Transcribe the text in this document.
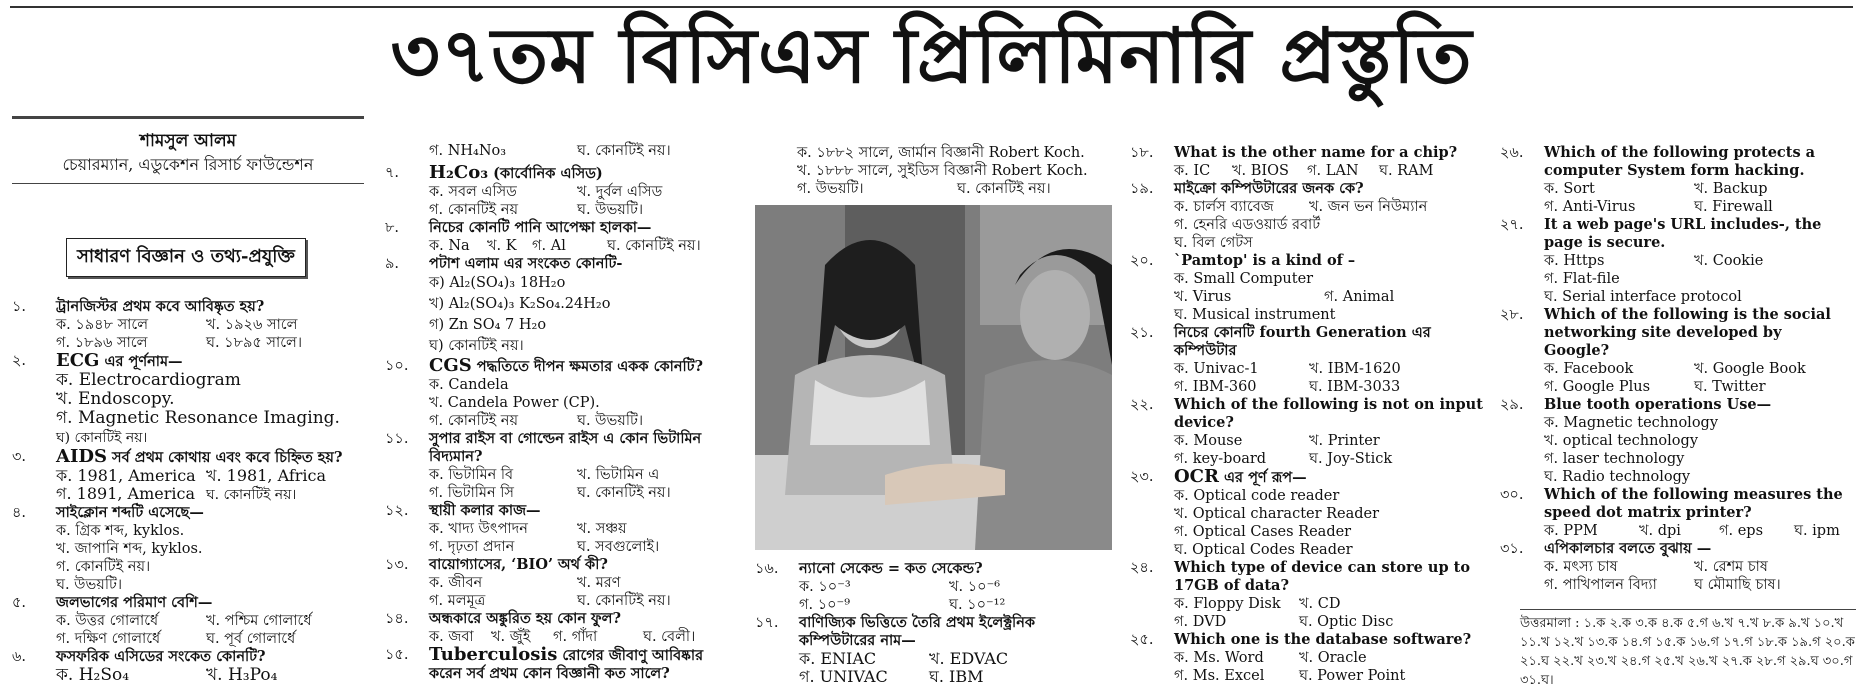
৩৭তম বিসিএস প্রিলিমিনারি প্রস্তুতি
শামসুল আলম
চেয়ারম্যান, এডুকেশন রিসার্চ ফাউন্ডেশন
সাধারণ বিজ্ঞান ও তথ্য-প্রযুক্তি
১. ট্রানজিস্টর প্রথম কবে আবিষ্কৃত হয়?
ক. ১৯৪৮ সালে	খ. ১৯২৬ সালে
গ. ১৮৯৬ সালে	ঘ. ১৮৯৫ সালে।
২. ECG এর পূর্ণনাম—
ক. Electrocardiogram
খ. Endoscopy.
গ. Magnetic Resonance Imaging.
ঘ) কোনটিই নয়।
৩. AIDS সর্ব প্রথম কোথায় এবং কবে চিহ্নিত হয়?
ক. 1981, America খ. 1981, Africa
গ. 1891, America ঘ. কোনটিই নয়।
৪. সাইক্লোন শব্দটি এসেছে—
ক. গ্রিক শব্দ, kyklos.
খ. জাপানি শব্দ, kyklos.
গ. কোনটিই নয়।
ঘ. উভয়টি।
৫. জলভাগের পরিমাণ বেশি—
ক. উত্তর গোলার্ধে	খ. পশ্চিম গোলার্ধে
গ. দক্ষিণ গোলার্ধে	ঘ. পূর্ব গোলার্ধে
৬. ফসফরিক এসিডের সংকেত কোনটি?
ক. H₂So₄	খ. H₃Po₄
গ. NH₄No₃	ঘ. কোনটিই নয়।
৭. H₂Co₃ (কার্বোনিক এসিড)
ক. সবল এসিড	খ. দুর্বল এসিড
গ. কোনটিই নয়	ঘ. উভয়টি।
৮. নিচের কোনটি পানি আপেক্ষা হালকা—
ক. Na খ. K গ. Al	ঘ. কোনটিই নয়।
৯. পটাশ এলাম এর সংকেত কোনটি-
ক) Al₂(SO₄)₃ 18H₂o
খ) Al₂(SO₄)₃ K₂So₄.24H₂o
গ) Zn SO₄ 7 H₂o
ঘ) কোনটিই নয়।
১০. CGS পদ্ধতিতে দীপন ক্ষমতার একক কোনটি?
ক. Candela
খ. Candela Power (CP).
গ. কোনটিই নয়	ঘ. উভয়টি।
১১. সুপার রাইস বা গোল্ডেন রাইস এ কোন ভিটামিন বিদ্যমান?
ক. ভিটামিন বি	খ. ভিটামিন এ
গ. ভিটামিন সি	ঘ. কোনটিই নয়।
১২. স্থায়ী কলার কাজ—
ক. খাদ্য উৎপাদন	খ. সঞ্চয়
গ. দৃঢ়তা প্রদান	ঘ. সবগুলোই।
১৩. বায়োগ্যাসের, ‘BIO’ অর্থ কী?
ক. জীবন	খ. মরণ
গ. মলমূত্র	ঘ. কোনটিই নয়।
১৪. অন্ধকারে অঙ্কুরিত হয় কোন ফুল?
ক. জবা খ. জুঁই গ. গাঁদা	ঘ. বেলী।
১৫. Tuberculosis রোগের জীবাণু আবিষ্কার করেন সর্ব প্রথম কোন বিজ্ঞানী কত সালে?
ক. ১৮৮২ সালে, জার্মান বিজ্ঞানী Robert Koch.
খ. ১৮৮৮ সালে, সুইডিস বিজ্ঞানী Robert Koch.
গ. উভয়টি।	ঘ. কোনটিই নয়।
১৬. ন্যানো সেকেন্ড = কত সেকেন্ড?
ক. ১০⁻³	খ. ১০⁻⁶
গ. ১০⁻⁹	ঘ. ১০⁻¹²
১৭. বাণিজ্যিক ভিত্তিতে তৈরি প্রথম ইলেক্ট্রনিক কম্পিউটারের নাম—
ক. ENIAC	খ. EDVAC
গ. UNIVAC	ঘ. IBM
১৮. What is the other name for a chip?
ক. IC খ. BIOS গ. LAN ঘ. RAM
১৯. মাইক্রো কম্পিউটারের জনক কে?
ক. চার্লস ব্যাবেজ খ. জন ভন নিউম্যান
গ. হেনরি এডওয়ার্ড রবার্ট
ঘ. বিল গেটস
২০. `Pamtop' is a kind of –
ক. Small Computer
খ. Virus	গ. Animal
ঘ. Musical instrument
২১. নিচের কোনটি fourth Generation এর কম্পিউটার
ক. Univac-1	খ. IBM-1620
গ. IBM-360	ঘ. IBM-3033
২২. Which of the following is not on input device?
ক. Mouse	খ. Printer
গ. key-board	ঘ. Joy-Stick
২৩. OCR এর পূর্ণ রূপ—
ক. Optical code reader
খ. Optical character Reader
গ. Optical Cases Reader
ঘ. Optical Codes Reader
২৪. Which type of device can store up to 17GB of data?
ক. Floppy Disk খ. CD
গ. DVD	ঘ. Optic Disc
২৫. Which one is the database software?
ক. Ms. Word খ. Oracle
গ. Ms. Excel ঘ. Power Point
২৬. Which of the following protects a computer System form hacking.
ক. Sort	খ. Backup
গ. Anti-Virus	ঘ. Firewall
২৭. It a web page's URL includes-, the page is secure.
ক. Https	খ. Cookie
গ. Flat-file
ঘ. Serial interface protocol
২৮. Which of the following is the social networking site developed by Google?
ক. Facebook	খ. Google Book
গ. Google Plus	ঘ. Twitter
২৯. Blue tooth operations Use—
ক. Magnetic technology
খ. optical technology
গ. laser technology
ঘ. Radio technology
৩০. Which of the following measures the speed dot matrix printer?
ক. PPM	খ. dpi	গ. eps ঘ. ipm
৩১. এপিকালচার বলতে বুঝায় —
ক. মৎস্য চাষ	খ. রেশম চাষ
গ. পাখিপালন বিদ্যা	ঘ মৌমাছি চাষ।
উত্তরমালা : ১.ক ২.ক ৩.ক ৪.ক ৫.গ ৬.খ ৭.খ ৮.ক ৯.খ ১০.খ ১১.খ ১২.খ ১৩.ক ১৪.গ ১৫.ক ১৬.গ ১৭.গ ১৮.ক ১৯.গ ২০.ক ২১.ঘ ২২.খ ২৩.খ ২৪.গ ২৫.খ ২৬.খ ২৭.ক ২৮.গ ২৯.ঘ ৩০.গ ৩১.ঘ।
